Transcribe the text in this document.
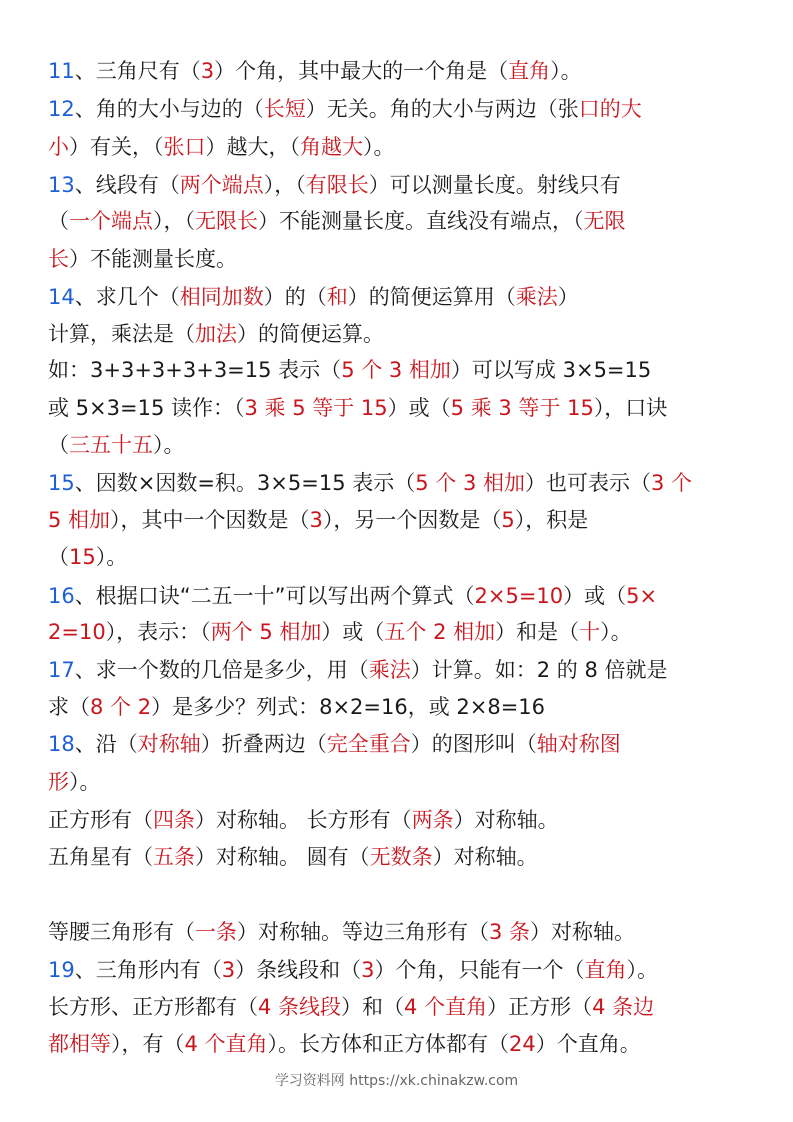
11、三角尺有（3）个角，其中最大的一个角是（直角）。
12、角的大小与边的（长短）无关。角的大小与两边（张口的大
小）有关，（张口）越大，（角越大）。
13、线段有（两个端点），（有限长）可以测量长度。射线只有
（一个端点），（无限长）不能测量长度。直线没有端点，（无限
长）不能测量长度。
14、求几个（相同加数）的（和）的简便运算用（乘法）
计算，乘法是（加法）的简便运算。
如：3+3+3+3+3=15 表示（5 个 3 相加）可以写成 3×5=15
或 5×3=15 读作：（3 乘 5 等于 15）或（5 乘 3 等于 15），口诀
（三五十五）。
15、因数×因数=积。3×5=15 表示（5 个 3 相加）也可表示（3 个
5 相加），其中一个因数是（3），另一个因数是（5），积是
（15）。
16、根据口诀“二五一十”可以写出两个算式（2×5=10）或（5×
2=10），表示：（两个 5 相加）或（五个 2 相加）和是（十）。
17、求一个数的几倍是多少，用（乘法）计算。如：2 的 8 倍就是
求（8 个 2）是多少？列式：8×2=16，或 2×8=16
18、沿（对称轴）折叠两边（完全重合）的图形叫（轴对称图
形）。
正方形有（四条）对称轴。 长方形有（两条）对称轴。
五角星有（五条）对称轴。 圆有（无数条）对称轴。
等腰三角形有（一条）对称轴。等边三角形有（3 条）对称轴。
19、三角形内有（3）条线段和（3）个角，只能有一个（直角）。
长方形、正方形都有（4 条线段）和（4 个直角）正方形（4 条边
都相等），有（4 个直角）。长方体和正方体都有（24）个直角。
学习资料网 https://xk.chinakzw.com
